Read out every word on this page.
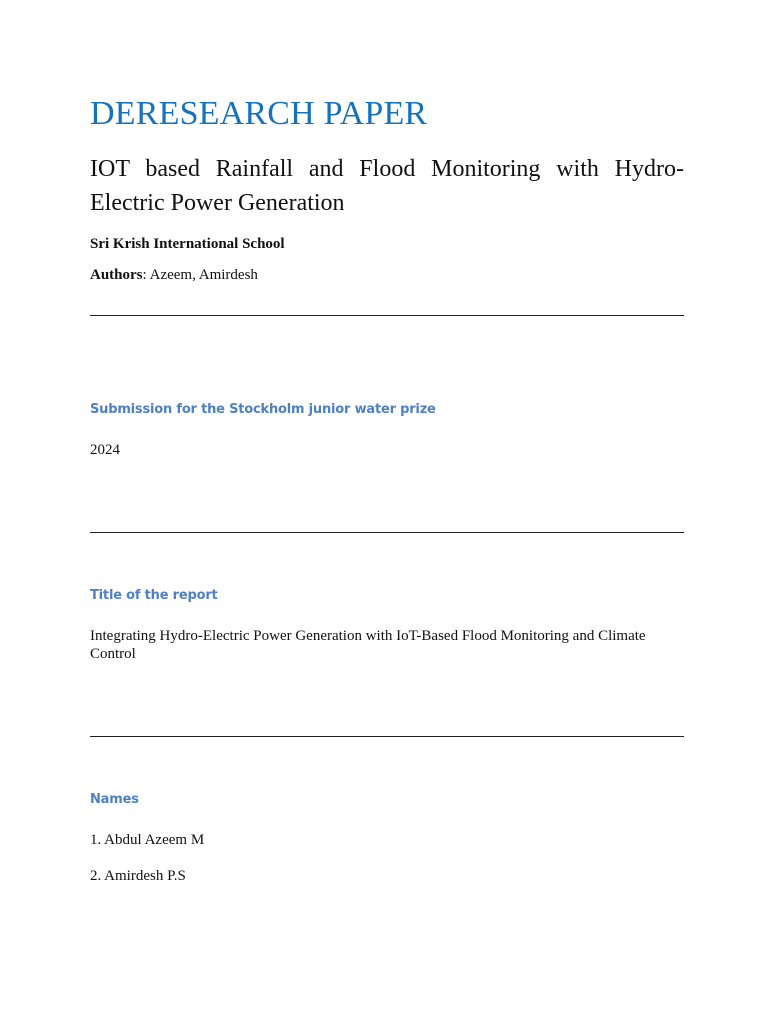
DERESEARCH PAPER
IOT based Rainfall and Flood Monitoring with Hydro-Electric Power Generation

Sri Krish International School

Authors: Azeem, Amirdesh

Submission for the Stockholm junior water prize

2024

Title of the report

Integrating Hydro-Electric Power Generation with IoT-Based Flood Monitoring and Climate Control

Names

1. Abdul Azeem M

2. Amirdesh P.S
